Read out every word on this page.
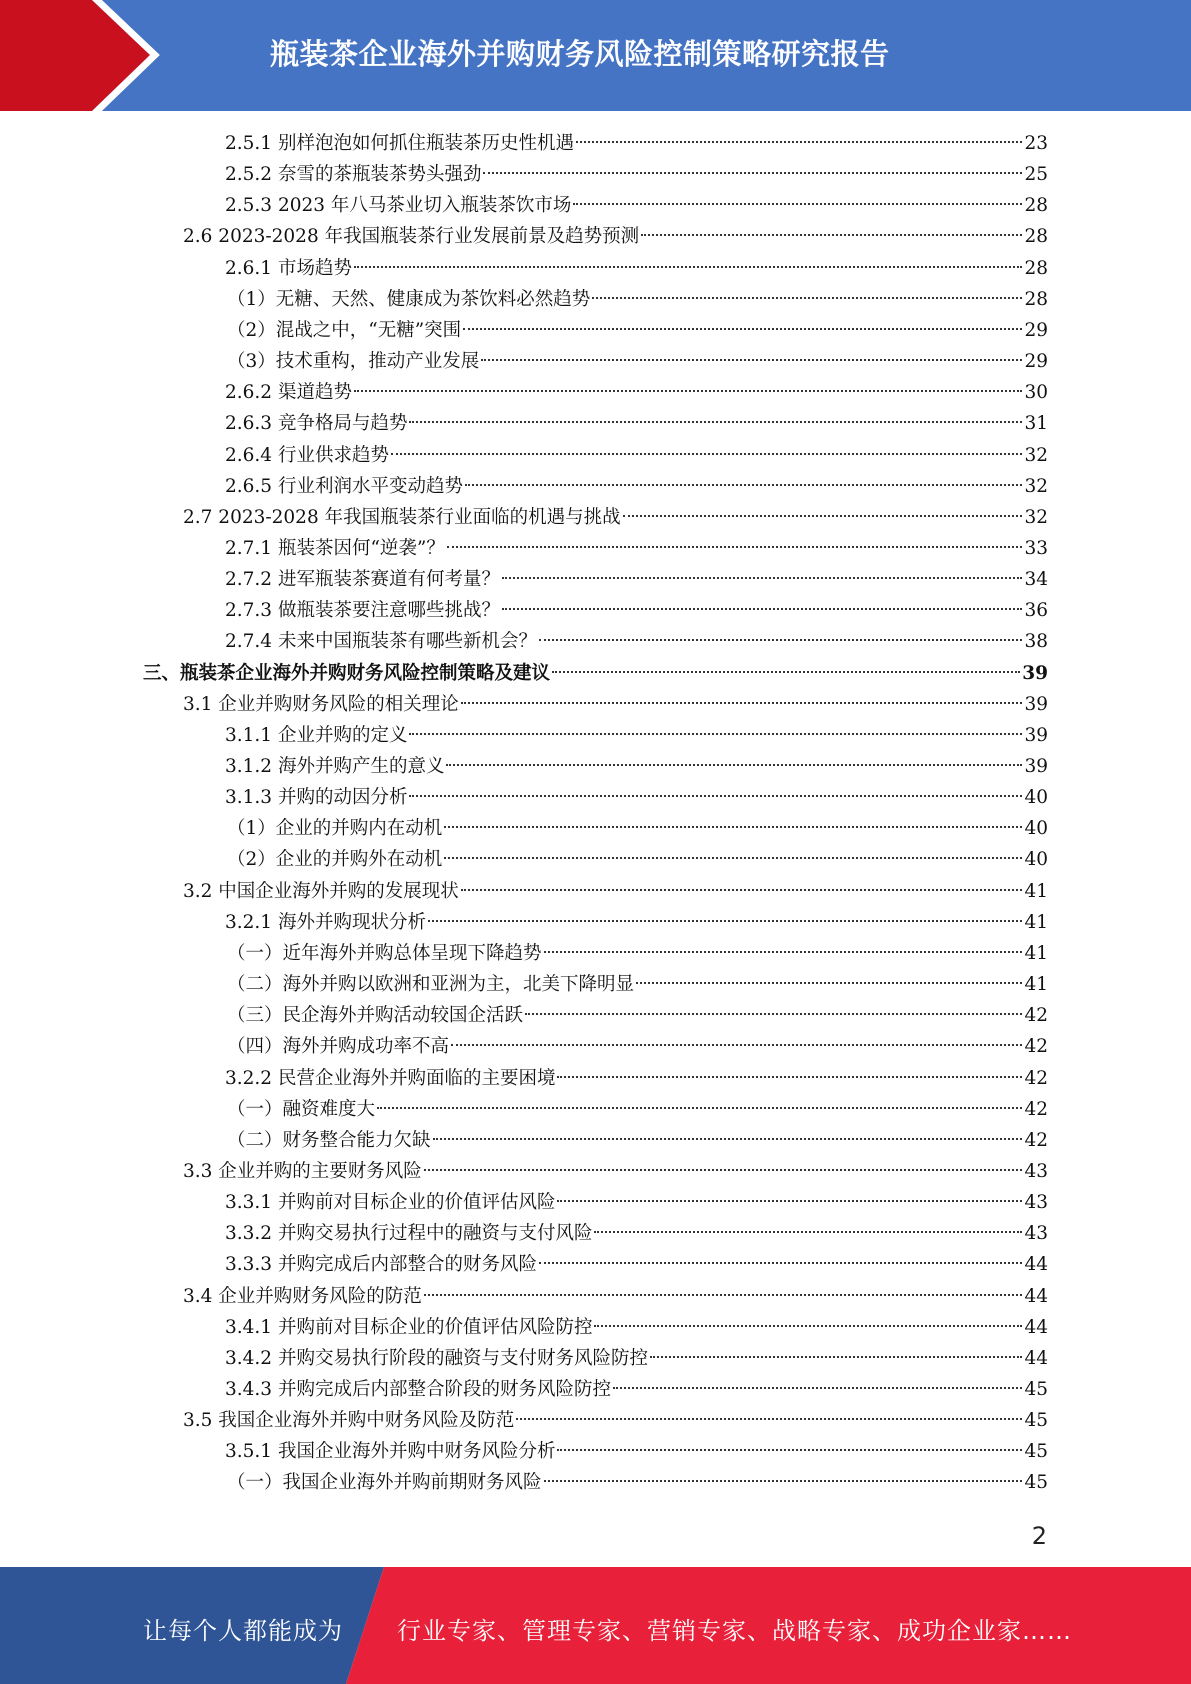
瓶装茶企业海外并购财务风险控制策略研究报告
2.5.1 别样泡泡如何抓住瓶装茶历史性机遇	23
2.5.2 奈雪的茶瓶装茶势头强劲	25
2.5.3 2023 年八马茶业切入瓶装茶饮市场	28
2.6 2023-2028 年我国瓶装茶行业发展前景及趋势预测	28
2.6.1 市场趋势	28
（1）无糖、天然、健康成为茶饮料必然趋势	28
（2）混战之中，“无糖”突围	29
（3）技术重构，推动产业发展	29
2.6.2 渠道趋势	30
2.6.3 竞争格局与趋势	31
2.6.4 行业供求趋势	32
2.6.5 行业利润水平变动趋势	32
2.7 2023-2028 年我国瓶装茶行业面临的机遇与挑战	32
2.7.1 瓶装茶因何“逆袭”？	33
2.7.2 进军瓶装茶赛道有何考量？	34
2.7.3 做瓶装茶要注意哪些挑战？	36
2.7.4 未来中国瓶装茶有哪些新机会？	38
三、瓶装茶企业海外并购财务风险控制策略及建议	39
3.1 企业并购财务风险的相关理论	39
3.1.1 企业并购的定义	39
3.1.2 海外并购产生的意义	39
3.1.3 并购的动因分析	40
（1）企业的并购内在动机	40
（2）企业的并购外在动机	40
3.2 中国企业海外并购的发展现状	41
3.2.1 海外并购现状分析	41
（一）近年海外并购总体呈现下降趋势	41
（二）海外并购以欧洲和亚洲为主，北美下降明显	41
（三）民企海外并购活动较国企活跃	42
（四）海外并购成功率不高	42
3.2.2 民营企业海外并购面临的主要困境	42
（一）融资难度大	42
（二）财务整合能力欠缺	42
3.3 企业并购的主要财务风险	43
3.3.1 并购前对目标企业的价值评估风险	43
3.3.2 并购交易执行过程中的融资与支付风险	43
3.3.3 并购完成后内部整合的财务风险	44
3.4 企业并购财务风险的防范	44
3.4.1 并购前对目标企业的价值评估风险防控	44
3.4.2 并购交易执行阶段的融资与支付财务风险防控	44
3.4.3 并购完成后内部整合阶段的财务风险防控	45
3.5 我国企业海外并购中财务风险及防范	45
3.5.1 我国企业海外并购中财务风险分析	45
（一）我国企业海外并购前期财务风险	45
2
让每个人都能成为 行业专家、管理专家、营销专家、战略专家、成功企业家……
